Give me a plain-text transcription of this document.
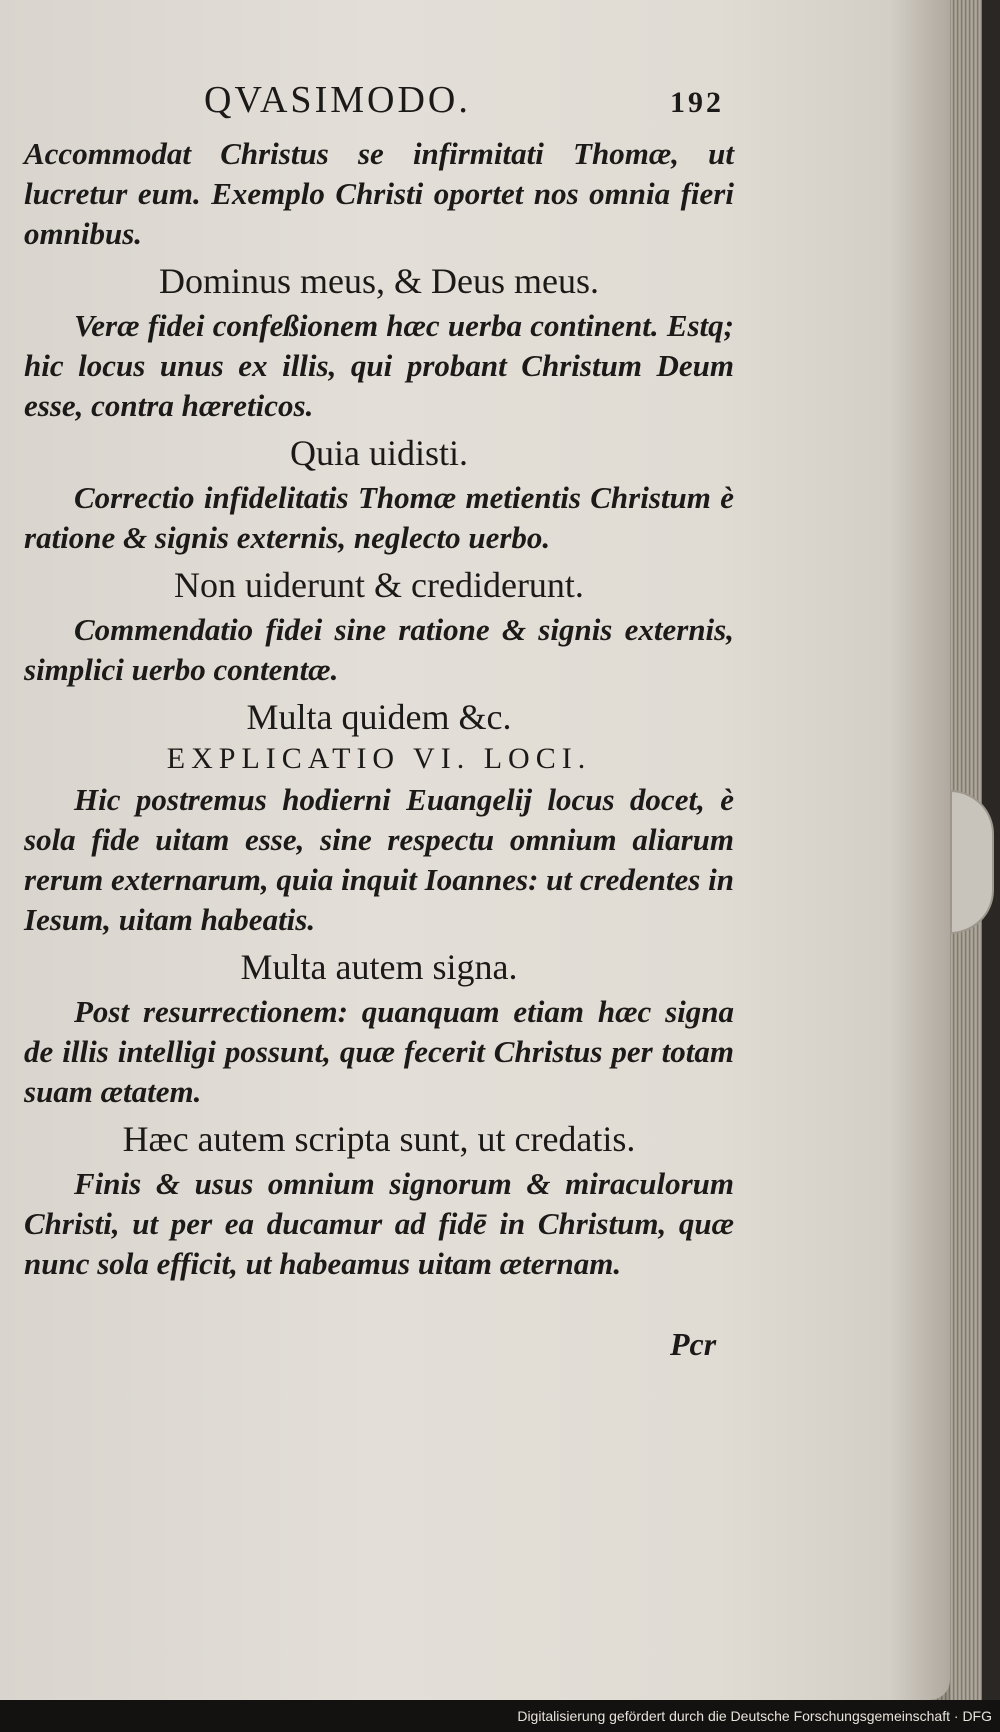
QVASIMODO.	192

Accommodat Christus se infirmitati Thomæ, ut lucretur eum. Exemplo Christi oportet nos omnia fieri omnibus.

Dominus meus, & Deus meus.

Veræ fidei confeßionem hæc uerba continent. Estq; hic locus unus ex illis, qui probant Christum Deum esse, contra hæreticos.

Quia uidisti.

Correctio infidelitatis Thomæ metientis Christum è ratione & signis externis, neglecto uerbo.

Non uiderunt & crediderunt.

Commendatio fidei sine ratione & signis externis, simplici uerbo contentæ.

Multa quidem &c.
EXPLICATIO VI. LOCI.

Hic postremus hodierni Euangelij locus docet, è sola fide uitam esse, sine respectu omnium aliarum rerum externarum, quia inquit Ioannes: ut credentes in Iesum, uitam habeatis.

Multa autem signa.

Post resurrectionem: quanquam etiam hæc signa de illis intelligi possunt, quæ fecerit Christus per totam suam ætatem.

Hæc autem scripta sunt, ut credatis.

Finis & usus omnium signorum & miraculorum Christi, ut per ea ducamur ad fidē in Christum, quæ nunc sola efficit, ut habeamus uitam æternam.

Pcr
Digitalisierung gefördert durch die Deutsche Forschungsgemeinschaft · DFG
